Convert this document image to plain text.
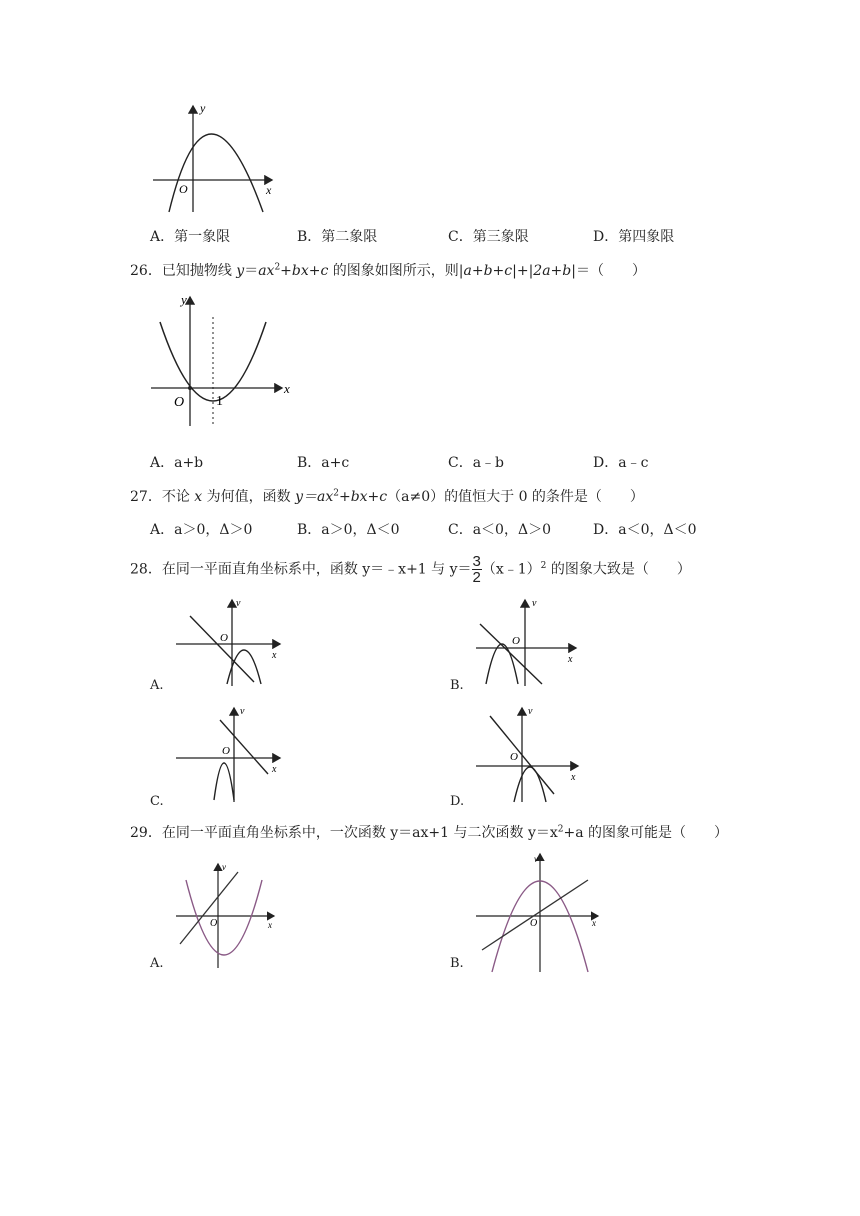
y
x
O
A．第一象限	B．第二象限	C．第三象限	D．第四象限
26．已知抛物线 $y=ax^2+bx+c$ 的图象如图所示，则|a+b+c|+|2a+b|＝（　　）
y
x
O 1
A．a+b	B．a+c	C．a﹣b	D．a﹣c
27．不论 x 为何值，函数 $y=ax^2+bx+c(a\ne 0)$的值恒大于 0 的条件是（　　）
A．a＞0，Δ＞0	B．a＞0，Δ＜0	C．a＜0，Δ＞0	D．a＜0，Δ＜0
28．在同一平面直角坐标系中，函数 y＝﹣x+1 与 $y= \frac{3}{2}$ （x﹣1）$^2$ 的图象大致是（　　）
v
x
O
A.
v
x
O
B.
v
x
O
C.
v
x
O
D.
29．在同一平面直角坐标系中，一次函数 y＝ax+1 与二次函数 $y=x^2+a$ 的图象可能是（　　）
v
x
O
A.
v
x
O
B.
